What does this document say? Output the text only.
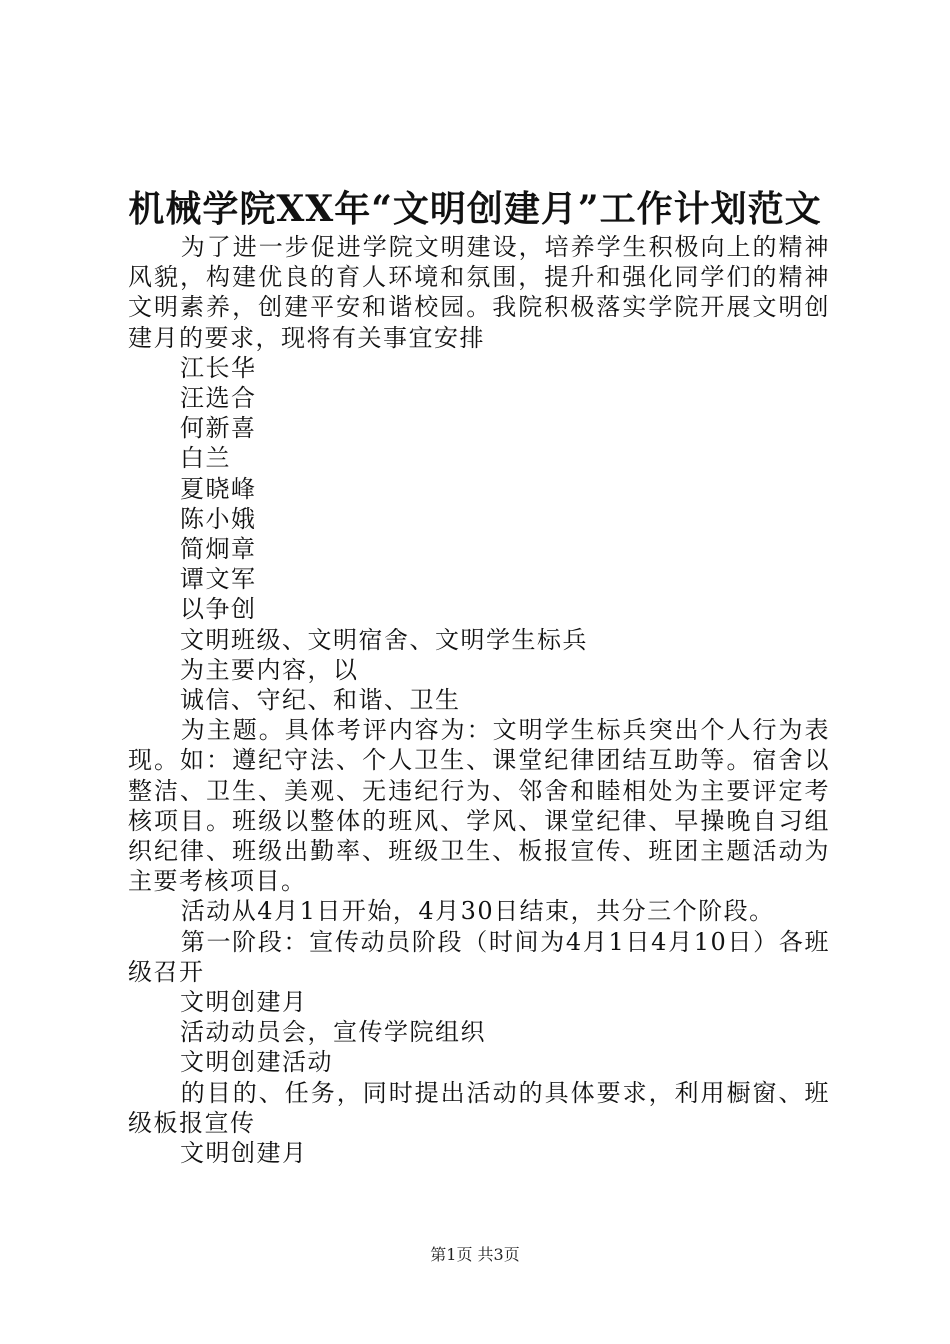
机械学院XX年“文明创建月”工作计划范文

为了进一步促进学院文明建设，培养学生积极向上的精神风貌，构建优良的育人环境和氛围，提升和强化同学们的精神文明素养，创建平安和谐校园。我院积极落实学院开展文明创建月的要求，现将有关事宜安排

江长华

汪选合

何新喜

白兰

夏晓峰

陈小娥

简炯章

谭文军

以争创

文明班级、文明宿舍、文明学生标兵

为主要内容，以

诚信、守纪、和谐、卫生

为主题。具体考评内容为：文明学生标兵突出个人行为表现。如：遵纪守法、个人卫生、课堂纪律团结互助等。宿舍以整洁、卫生、美观、无违纪行为、邻舍和睦相处为主要评定考核项目。班级以整体的班风、学风、课堂纪律、早操晚自习组织纪律、班级出勤率、班级卫生、板报宣传、班团主题活动为主要考核项目。

活动从4月1日开始，4月30日结束，共分三个阶段。

第一阶段：宣传动员阶段（时间为4月1日4月10日）各班级召开

文明创建月

活动动员会，宣传学院组织

文明创建活动

的目的、任务，同时提出活动的具体要求，利用橱窗、班级板报宣传

文明创建月

第1页 共3页
